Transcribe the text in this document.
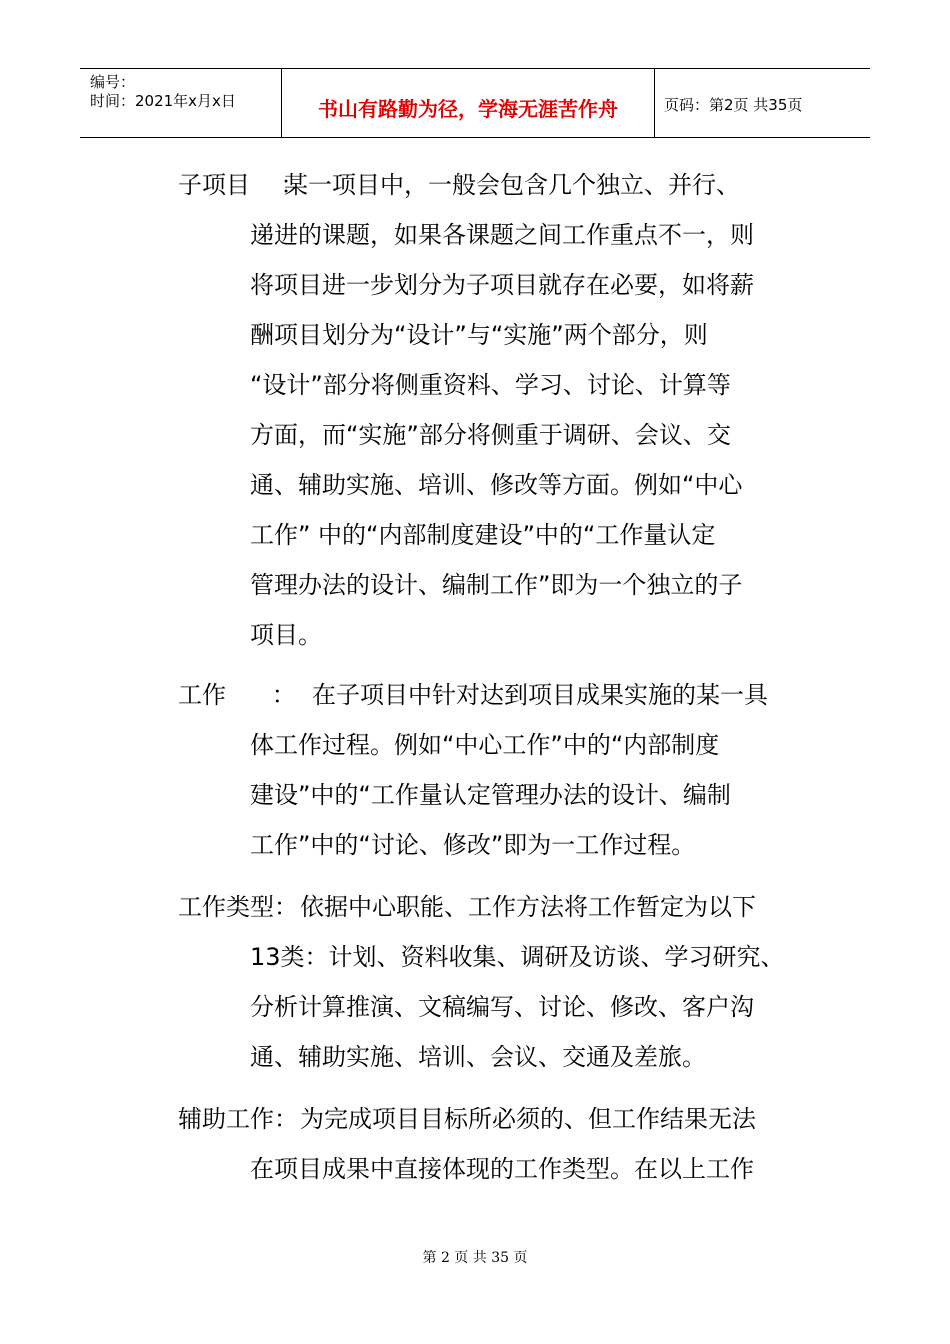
编号：
时间：2021年x月x日	书山有路勤为径，学海无涯苦作舟	页码：第2页 共35页
子项目    ：
某一项目中，一般会包含几个独立、并行、
递进的课题，如果各课题之间工作重点不一，则
将项目进一步划分为子项目就存在必要，如将薪
酬项目划分为“设计”与“实施”两个部分，则
“设计”部分将侧重资料、学习、讨论、计算等
方面，而“实施”部分将侧重于调研、会议、交
通、辅助实施、培训、修改等方面。例如“中心
工作” 中的“内部制度建设”中的“工作量认定
管理办法的设计、编制工作”即为一个独立的子
项目。
工作      ： 在子项目中针对达到项目成果实施的某一具
体工作过程。例如“中心工作”中的“内部制度
建设”中的“工作量认定管理办法的设计、编制
工作”中的“讨论、修改”即为一工作过程。
工作类型： 依据中心职能、工作方法将工作暂定为以下
13类：计划、资料收集、调研及访谈、学习研究、
分析计算推演、文稿编写、讨论、修改、客户沟
通、辅助实施、培训、会议、交通及差旅。
辅助工作： 为完成项目目标所必须的、但工作结果无法
在项目成果中直接体现的工作类型。在以上工作
第 2 页 共 35 页
